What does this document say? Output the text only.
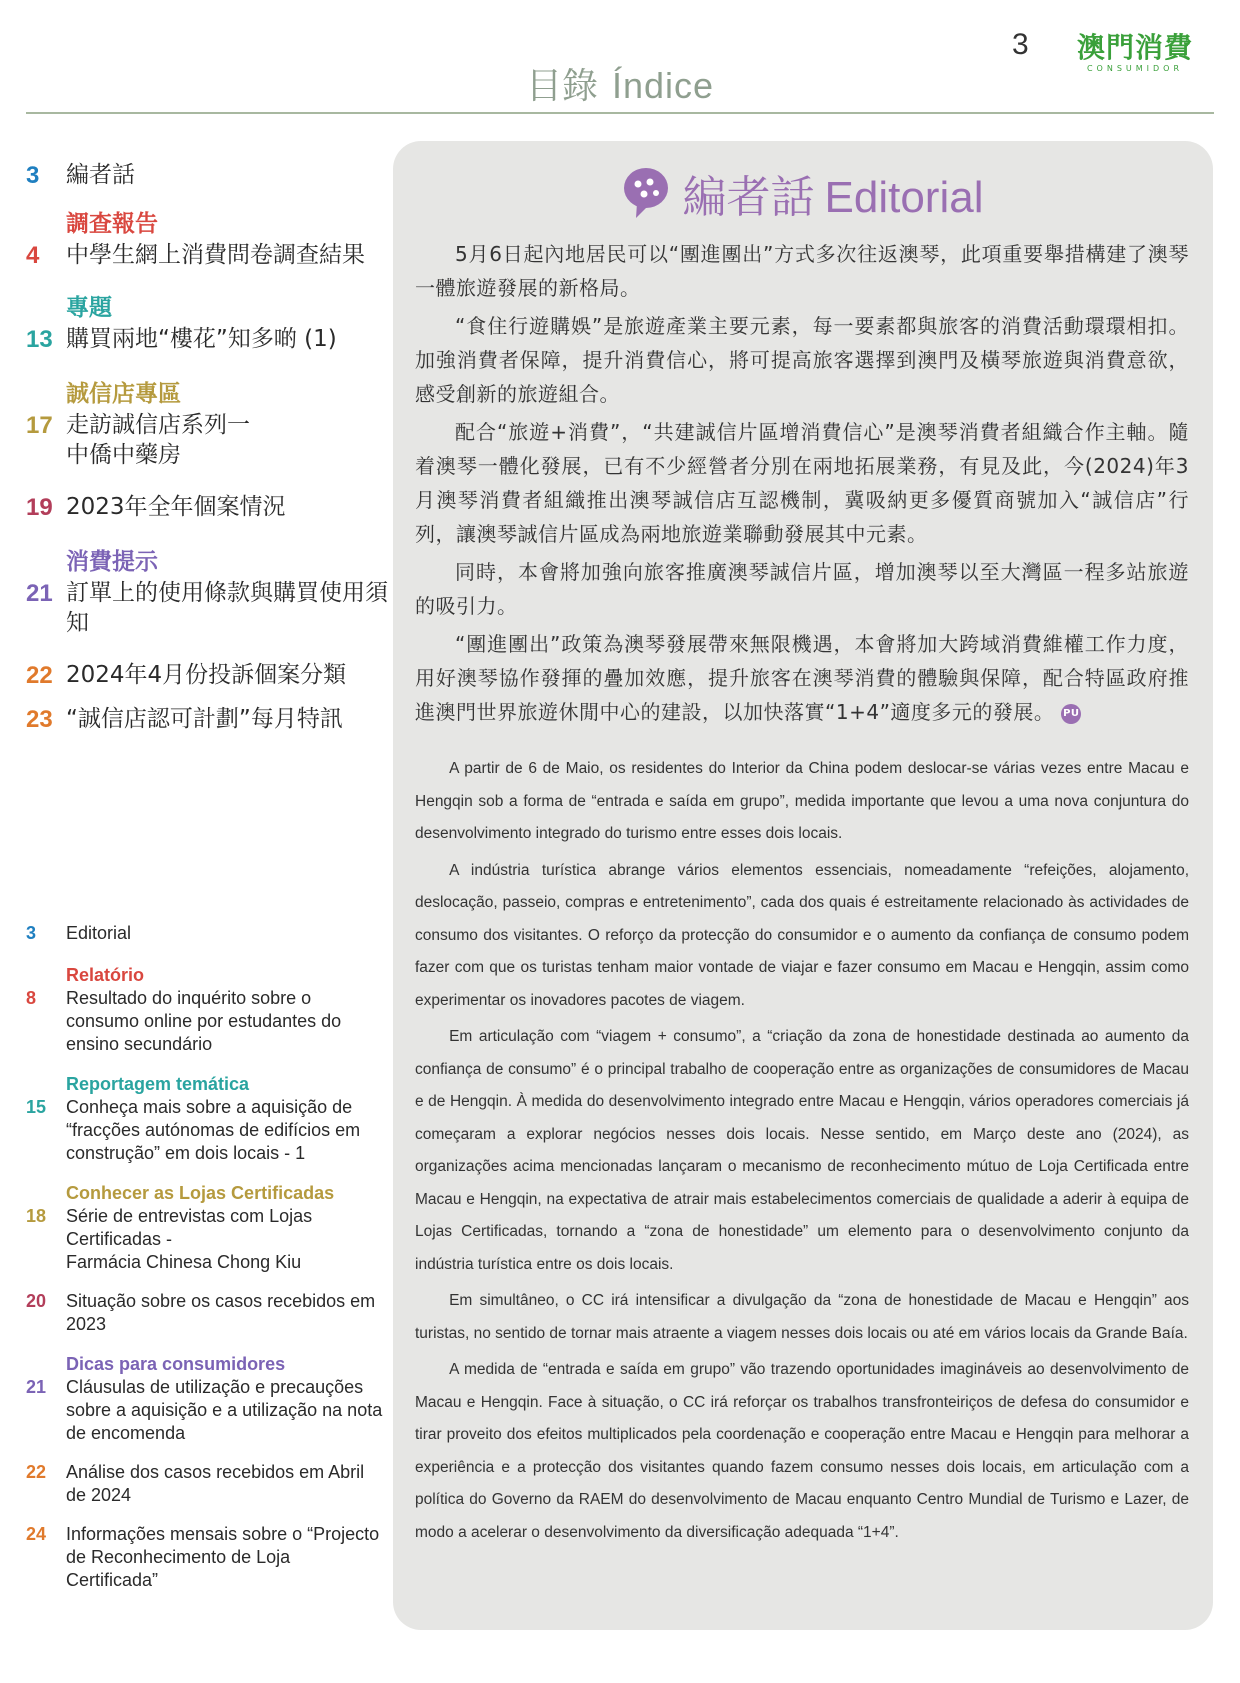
3 澳門消費
CONSUMIDOR
目錄 Índice
3	編者話
調查報告
4	中學生網上消費問卷調查結果
專題
13 購買兩地“樓花”知多啲 (1)
誠信店專區
17 走訪誠信店系列一
中僑中藥房
19 2023年全年個案情況
消費提示
21 訂單上的使用條款與購買使用須知
22 2024年4月份投訴個案分類
23 “誠信店認可計劃”每月特訊
3	Editorial
Relatório
8	Resultado do inquérito sobre o consumo online por estudantes do ensino secundário
Reportagem temática
15	Conheça mais sobre a aquisição de “fracções autónomas de edifícios em construção” em dois locais - 1
Conhecer as Lojas Certificadas
18	Série de entrevistas com Lojas Certificadas -
Farmácia Chinesa Chong Kiu
20	Situação sobre os casos recebidos em 2023
Dicas para consumidores
21	Cláusulas de utilização e precauções sobre a aquisição e a utilização na nota de encomenda
22	Análise dos casos recebidos em Abril de 2024
24	Informações mensais sobre o “Projecto de Reconhecimento de Loja Certificada”
編者話 Editorial

5月6日起內地居民可以“團進團出”方式多次往返澳琴，此項重要舉措構建了澳琴一體旅遊發展的新格局。

“食住行遊購娛”是旅遊產業主要元素，每一要素都與旅客的消費活動環環相扣。加強消費者保障，提升消費信心，將可提高旅客選擇到澳門及橫琴旅遊與消費意欲，感受創新的旅遊組合。

配合“旅遊+消費”，“共建誠信片區增消費信心”是澳琴消費者組織合作主軸。隨着澳琴一體化發展，已有不少經營者分別在兩地拓展業務，有見及此，今(2024)年3月澳琴消費者組織推出澳琴誠信店互認機制，冀吸納更多優質商號加入“誠信店”行列，讓澳琴誠信片區成為兩地旅遊業聯動發展其中元素。

同時，本會將加強向旅客推廣澳琴誠信片區，增加澳琴以至大灣區一程多站旅遊的吸引力。

“團進團出”政策為澳琴發展帶來無限機遇，本會將加大跨域消費維權工作力度，用好澳琴協作發揮的疊加效應，提升旅客在澳琴消費的體驗與保障，配合特區政府推進澳門世界旅遊休閒中心的建設，以加快落實“1+4”適度多元的發展。 PU

A partir de 6 de Maio, os residentes do Interior da China podem deslocar-se várias vezes entre Macau e Hengqin sob a forma de “entrada e saída em grupo”, medida importante que levou a uma nova conjuntura do desenvolvimento integrado do turismo entre esses dois locais.

A indústria turística abrange vários elementos essenciais, nomeadamente “refeições, alojamento, deslocação, passeio, compras e entretenimento”, cada dos quais é estreitamente relacionado às actividades de consumo dos visitantes. O reforço da protecção do consumidor e o aumento da confiança de consumo podem fazer com que os turistas tenham maior vontade de viajar e fazer consumo em Macau e Hengqin, assim como experimentar os inovadores pacotes de viagem.

Em articulação com “viagem + consumo”, a “criação da zona de honestidade destinada ao aumento da confiança de consumo” é o principal trabalho de cooperação entre as organizações de consumidores de Macau e de Hengqin. À medida do desenvolvimento integrado entre Macau e Hengqin, vários operadores comerciais já começaram a explorar negócios nesses dois locais. Nesse sentido, em Março deste ano (2024), as organizações acima mencionadas lançaram o mecanismo de reconhecimento mútuo de Loja Certificada entre Macau e Hengqin, na expectativa de atrair mais estabelecimentos comerciais de qualidade a aderir à equipa de Lojas Certificadas, tornando a “zona de honestidade” um elemento para o desenvolvimento conjunto da indústria turística entre os dois locais.

Em simultâneo, o CC irá intensificar a divulgação da “zona de honestidade de Macau e Hengqin” aos turistas, no sentido de tornar mais atraente a viagem nesses dois locais ou até em vários locais da Grande Baía.

A medida de “entrada e saída em grupo” vão trazendo oportunidades imagináveis ao desenvolvimento de Macau e Hengqin. Face à situação, o CC irá reforçar os trabalhos transfronteiriços de defesa do consumidor e tirar proveito dos efeitos multiplicados pela coordenação e cooperação entre Macau e Hengqin para melhorar a experiência e a protecção dos visitantes quando fazem consumo nesses dois locais, em articulação com a política do Governo da RAEM do desenvolvimento de Macau enquanto Centro Mundial de Turismo e Lazer, de modo a acelerar o desenvolvimento da diversificação adequada “1+4”.
